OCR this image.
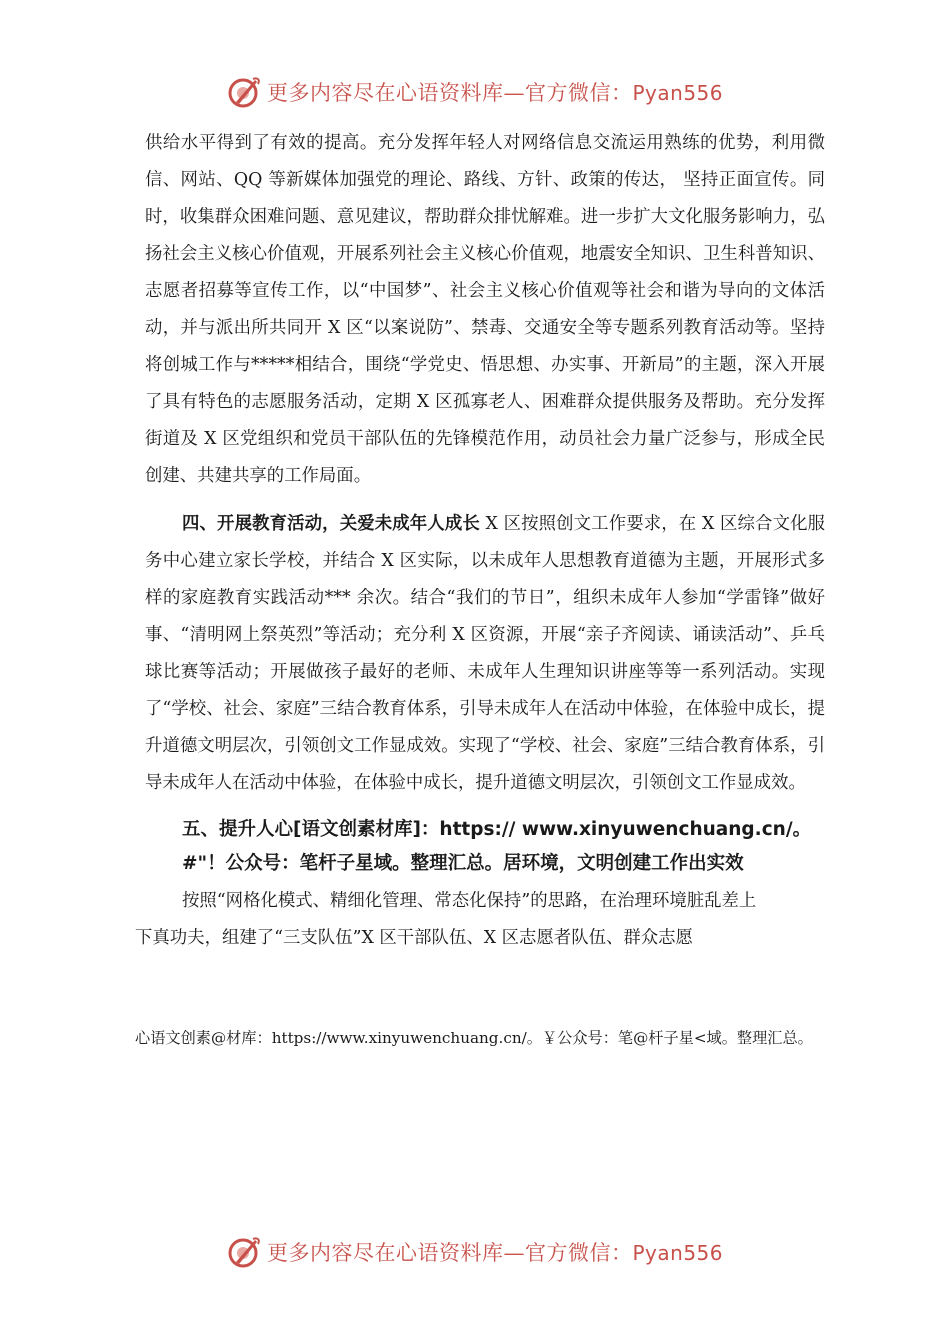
更多内容尽在心语资料库—官方微信：Pyan556

供给水平得到了有效的提高。充分发挥年轻人对网络信息交流运用熟练的优势，利用微信、网站、QQ 等新媒体加强党的理论、路线、方针、政策的传达， 坚持正面宣传。同时，收集群众困难问题、意见建议，帮助群众排忧解难。进一步扩大文化服务影响力，弘扬社会主义核心价值观，开展系列社会主义核心价值观，地震安全知识、卫生科普知识、志愿者招募等宣传工作，以“中国梦”、社会主义核心价值观等社会和谐为导向的文体活动，并与派出所共同开 X 区“以案说防”、禁毒、交通安全等专题系列教育活动等。坚持将创城工作与*****相结合，围绕“学党史、悟思想、办实事、开新局”的主题，深入开展了具有特色的志愿服务活动，定期 X 区孤寡老人、困难群众提供服务及帮助。充分发挥街道及 X 区党组织和党员干部队伍的先锋模范作用，动员社会力量广泛参与，形成全民创建、共建共享的工作局面。

四、开展教育活动，关爱未成年人成长 X 区按照创文工作要求，在 X 区综合文化服务中心建立家长学校，并结合 X 区实际，以未成年人思想教育道德为主题，开展形式多样的家庭教育实践活动*** 余次。结合“我们的节日”，组织未成年人参加“学雷锋”做好事、“清明网上祭英烈”等活动；充分利 X 区资源，开展“亲子齐阅读、诵读活动”、乒乓球比赛等活动；开展做孩子最好的老师、未成年人生理知识讲座等等一系列活动。实现了“学校、社会、家庭”三结合教育体系，引导未成年人在活动中体验，在体验中成长，提升道德文明层次，引领创文工作显成效。实现了“学校、社会、家庭”三结合教育体系，引导未成年人在活动中体验，在体验中成长，提升道德文明层次，引领创文工作显成效。

五、提升人心[语文创素材库]：https:// www.xinyuwenchuang.cn/。#"！公众号：笔杆子星域。整理汇总。居环境，文明创建工作出实效
按照“网格化模式、精细化管理、常态化保持”的思路，在治理环境脏乱差上
下真功夫，组建了“三支队伍”X 区干部队伍、X 区志愿者队伍、群众志愿
心语文创素@材库：https://www.xinyuwenchuang.cn/。￥公众号：笔@杆子星<域。整理汇总。
更多内容尽在心语资料库—官方微信：Pyan556
